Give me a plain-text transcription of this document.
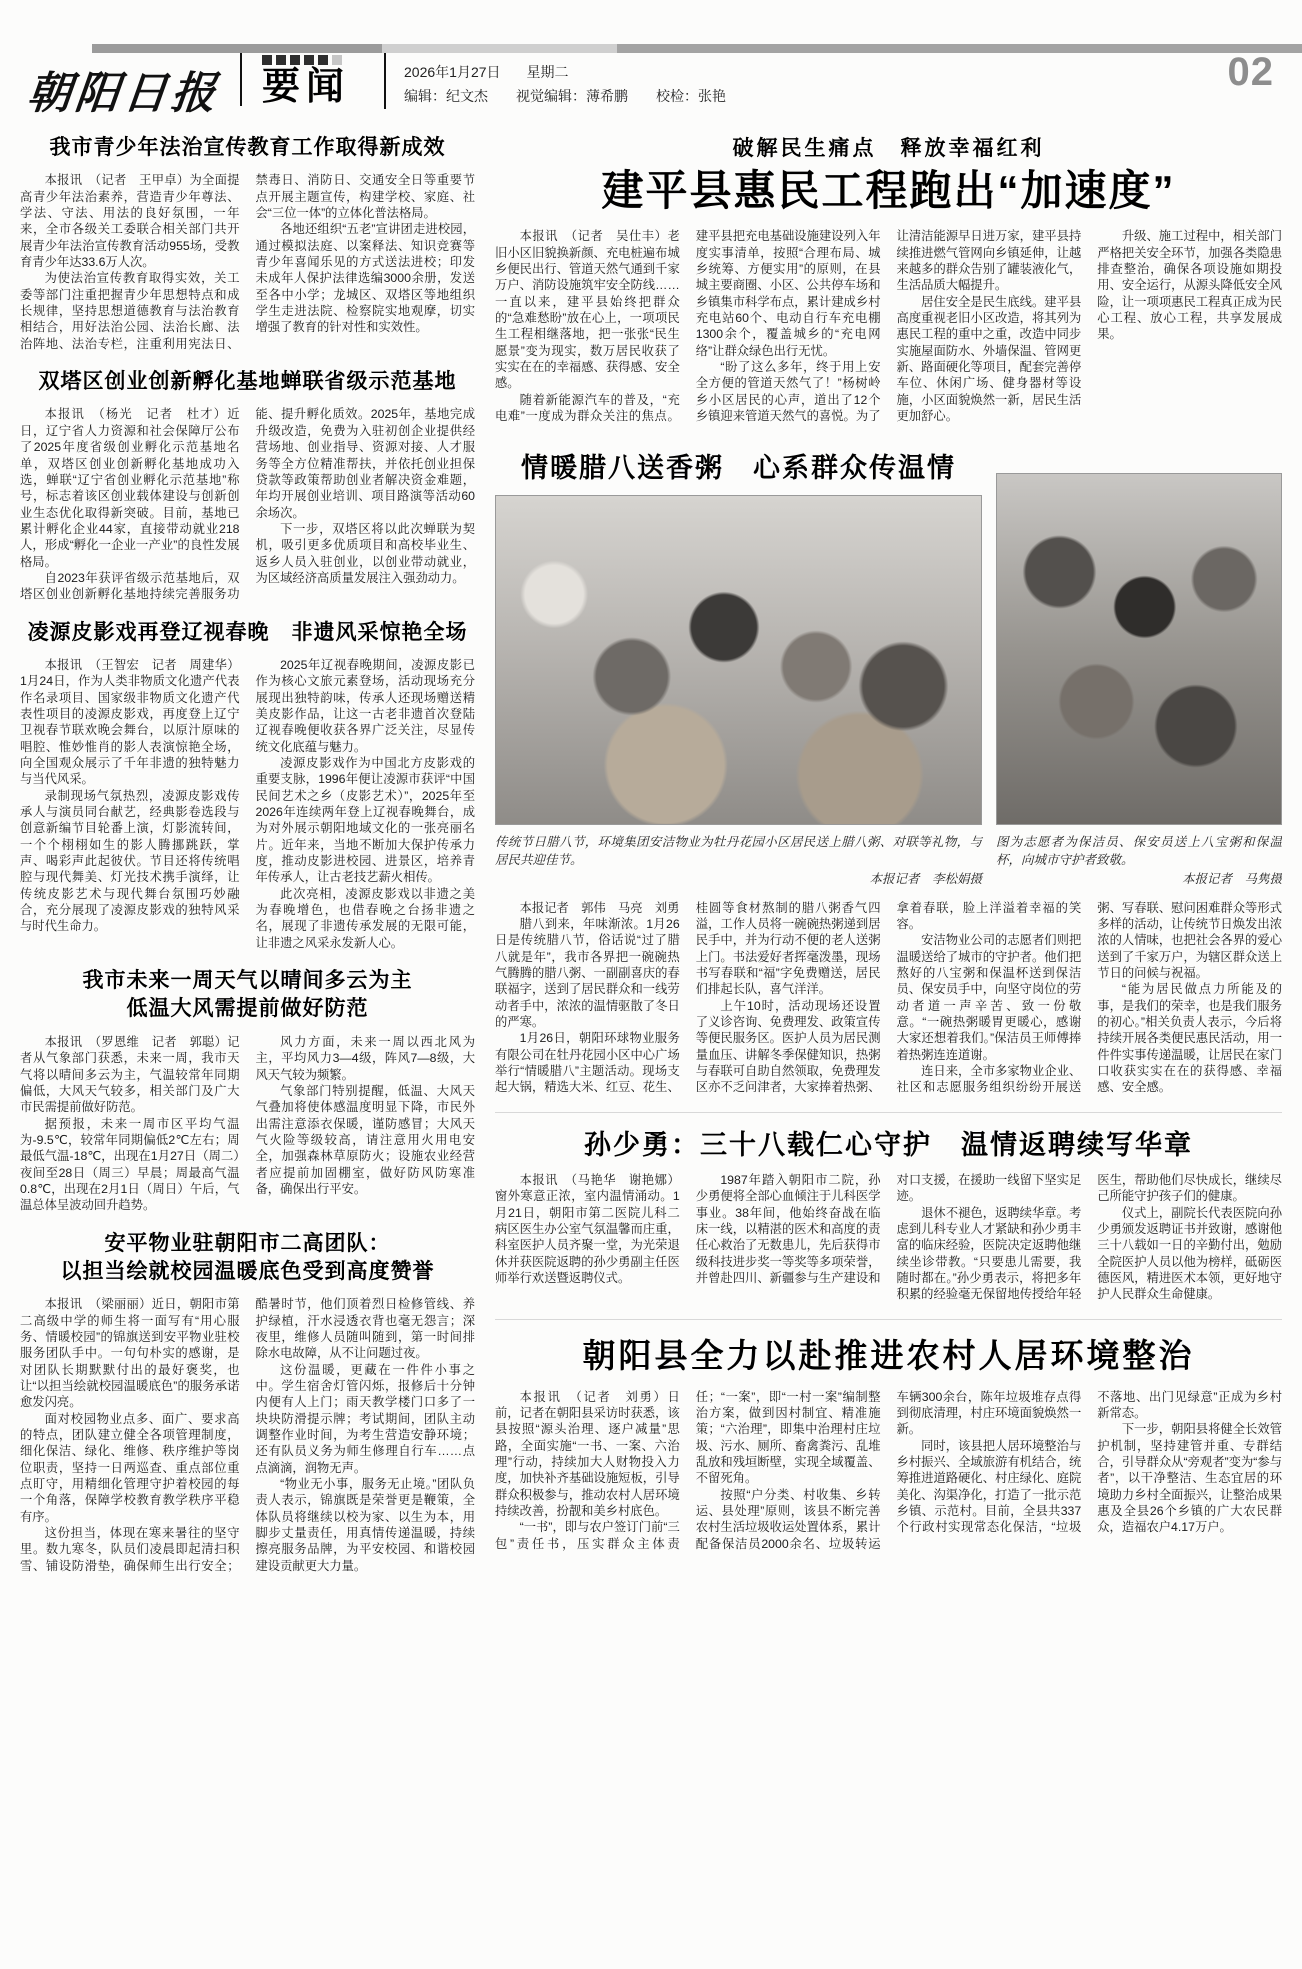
朝阳日报	要闻	2026年1月27日 星期二
编辑：纪文杰　　视觉编辑：薄希鹏　　校检：张艳
02
我市青少年法治宣传教育工作取得新成效

本报讯　（记者　王甲卓）为全面提高青少年法治素养，营造青少年尊法、学法、守法、用法的良好氛围，一年来，全市各级关工委联合相关部门共开展青少年法治宣传教育活动955场，受教育青少年达33.6万人次。

为使法治宣传教育取得实效，关工委等部门注重把握青少年思想特点和成长规律，坚持思想道德教育与法治教育相结合，用好法治公园、法治长廊、法治阵地、法治专栏，注重利用宪法日、禁毒日、消防日、交通安全日等重要节点开展主题宣传，构建学校、家庭、社会“三位一体”的立体化普法格局。

各地还组织“五老”宣讲团走进校园，通过模拟法庭、以案释法、知识竞赛等青少年喜闻乐见的方式送法进校；印发未成年人保护法律选编3000余册，发送至各中小学；龙城区、双塔区等地组织学生走进法院、检察院实地观摩，切实增强了教育的针对性和实效性。

双塔区创业创新孵化基地蝉联省级示范基地

本报讯　（杨光　记者　杜才）近日，辽宁省人力资源和社会保障厅公布了2025年度省级创业孵化示范基地名单，双塔区创业创新孵化基地成功入选，蝉联“辽宁省创业孵化示范基地”称号，标志着该区创业载体建设与创新创业生态优化取得新突破。目前，基地已累计孵化企业44家，直接带动就业218人，形成“孵化一企业一产业”的良性发展格局。

自2023年获评省级示范基地后，双塔区创业创新孵化基地持续完善服务功能、提升孵化质效。2025年，基地完成升级改造，免费为入驻初创企业提供经营场地、创业指导、资源对接、人才服务等全方位精准帮扶，并依托创业担保贷款等政策帮助创业者解决资金难题，年均开展创业培训、项目路演等活动60余场次。

下一步，双塔区将以此次蝉联为契机，吸引更多优质项目和高校毕业生、返乡人员入驻创业，以创业带动就业，为区域经济高质量发展注入强劲动力。

凌源皮影戏再登辽视春晚　非遗风采惊艳全场

本报讯　（王智宏　记者　周建华）1月24日，作为人类非物质文化遗产代表作名录项目、国家级非物质文化遗产代表性项目的凌源皮影戏，再度登上辽宁卫视春节联欢晚会舞台，以原汁原味的唱腔、惟妙惟肖的影人表演惊艳全场，向全国观众展示了千年非遗的独特魅力与当代风采。

录制现场气氛热烈，凌源皮影戏传承人与演员同台献艺，经典影卷选段与创意新编节目轮番上演，灯影流转间，一个个栩栩如生的影人腾挪跳跃，掌声、喝彩声此起彼伏。节目还将传统唱腔与现代舞美、灯光技术携手演绎，让传统皮影艺术与现代舞台氛围巧妙融合，充分展现了凌源皮影戏的独特风采与时代生命力。

2025年辽视春晚期间，凌源皮影已作为核心文旅元素登场，活动现场充分展现出独特韵味，传承人还现场赠送精美皮影作品，让这一古老非遗首次登陆辽视春晚便收获各界广泛关注，尽显传统文化底蕴与魅力。

凌源皮影戏作为中国北方皮影戏的重要支脉，1996年便让凌源市获评“中国民间艺术之乡（皮影艺术）”，2025年至2026年连续两年登上辽视春晚舞台，成为对外展示朝阳地域文化的一张亮丽名片。近年来，当地不断加大保护传承力度，推动皮影进校园、进景区，培养青年传承人，让古老技艺薪火相传。

此次亮相，凌源皮影戏以非遗之美为春晚增色，也借春晚之台扬非遗之名，展现了非遗传承发展的无限可能，让非遗之风采永发新人心。

我市未来一周天气以晴间多云为主
低温大风需提前做好防范

本报讯　（罗恩维　记者　郭聪）记者从气象部门获悉，未来一周，我市天气将以晴间多云为主，气温较常年同期偏低，大风天气较多，相关部门及广大市民需提前做好防范。

据预报，未来一周市区平均气温为-9.5℃，较常年同期偏低2℃左右；周最低气温-18℃，出现在1月27日（周二）夜间至28日（周三）早晨；周最高气温0.8℃，出现在2月1日（周日）午后，气温总体呈波动回升趋势。

风力方面，未来一周以西北风为主，平均风力3—4级，阵风7—8级，大风天气较为频繁。

气象部门特别提醒，低温、大风天气叠加将使体感温度明显下降，市民外出需注意添衣保暖，谨防感冒；大风天气火险等级较高，请注意用火用电安全，加强森林草原防火；设施农业经营者应提前加固棚室，做好防风防寒准备，确保出行平安。

安平物业驻朝阳市二高团队：
以担当绘就校园温暖底色受到高度赞誉

本报讯　（梁丽丽）近日，朝阳市第二高级中学的师生将一面写有“用心服务、情暖校园”的锦旗送到安平物业驻校服务团队手中。一句句朴实的感谢，是对团队长期默默付出的最好褒奖，也让“以担当绘就校园温暖底色”的服务承诺愈发闪亮。

面对校园物业点多、面广、要求高的特点，团队建立健全各项管理制度，细化保洁、绿化、维修、秩序维护等岗位职责，坚持一日两巡查、重点部位重点盯守，用精细化管理守护着校园的每一个角落，保障学校教育教学秩序平稳有序。

这份担当，体现在寒来暑往的坚守里。数九寒冬，队员们凌晨即起清扫积雪、铺设防滑垫，确保师生出行安全；酷暑时节，他们顶着烈日检修管线、养护绿植，汗水浸透衣背也毫无怨言；深夜里，维修人员随叫随到，第一时间排除水电故障，从不让问题过夜。

这份温暖，更藏在一件件小事之中。学生宿舍灯管闪烁，报修后十分钟内便有人上门；雨天教学楼门口多了一块块防滑提示牌；考试期间，团队主动调整作业时间，为考生营造安静环境；还有队员义务为师生修理自行车……点点滴滴，润物无声。

“物业无小事，服务无止境。”团队负责人表示，锦旗既是荣誉更是鞭策，全体队员将继续以校为家、以生为本，用脚步丈量责任，用真情传递温暖，持续擦亮服务品牌，为平安校园、和谐校园建设贡献更大力量。

破解民生痛点　释放幸福红利
建平县惠民工程跑出“加速度”

本报讯　（记者　吴仕丰）老旧小区旧貌换新颜、充电桩遍布城乡便民出行、管道天然气通到千家万户、消防设施筑牢安全防线……一直以来，建平县始终把群众的“急难愁盼”放在心上，一项项民生工程相继落地，把一张张“民生愿景”变为现实，数万居民收获了实实在在的幸福感、获得感、安全感。

随着新能源汽车的普及，“充电难”一度成为群众关注的焦点。建平县把充电基础设施建设列入年度实事清单，按照“合理布局、城乡统筹、方便实用”的原则，在县城主要商圈、小区、公共停车场和乡镇集市科学布点，累计建成乡村充电站60个、电动自行车充电棚1300余个，覆盖城乡的“充电网络”让群众绿色出行无忧。

“盼了这么多年，终于用上安全方便的管道天然气了！”杨树岭乡小区居民的心声，道出了12个乡镇迎来管道天然气的喜悦。为了让清洁能源早日进万家，建平县持续推进燃气管网向乡镇延伸，让越来越多的群众告别了罐装液化气，生活品质大幅提升。

居住安全是民生底线。建平县高度重视老旧小区改造，将其列为惠民工程的重中之重，改造中同步实施屋面防水、外墙保温、管网更新、路面硬化等项目，配套完善停车位、休闲广场、健身器材等设施，小区面貌焕然一新，居民生活更加舒心。

升级、施工过程中，相关部门严格把关安全环节，加强各类隐患排查整治，确保各项设施如期投用、安全运行，从源头降低安全风险，让一项项惠民工程真正成为民心工程、放心工程，共享发展成果。

情暖腊八送香粥　心系群众传温情
传统节日腊八节，环境集团安洁物业为牡丹花园小区居民送上腊八粥、对联等礼物，与居民共迎佳节。
本报记者　李松娟摄
图为志愿者为保洁员、保安员送上八宝粥和保温杯，向城市守护者致敬。
本报记者　马隽摄

本报记者　郭伟　马亮　刘勇

腊八到来，年味渐浓。1月26日是传统腊八节，俗话说“过了腊八就是年”，我市各界把一碗碗热气腾腾的腊八粥、一副副喜庆的春联福字，送到了居民群众和一线劳动者手中，浓浓的温情驱散了冬日的严寒。

1月26日，朝阳环球物业服务有限公司在牡丹花园小区中心广场举行“情暖腊八”主题活动。现场支起大锅，精选大米、红豆、花生、桂圆等食材熬制的腊八粥香气四溢，工作人员将一碗碗热粥递到居民手中，并为行动不便的老人送粥上门。书法爱好者挥毫泼墨，现场书写春联和“福”字免费赠送，居民们排起长队，喜气洋洋。

上午10时，活动现场还设置了义诊咨询、免费理发、政策宣传等便民服务区。医护人员为居民测量血压、讲解冬季保健知识，热粥与春联可自助自然领取，免费理发区亦不乏问津者，大家捧着热粥、拿着春联，脸上洋溢着幸福的笑容。

安洁物业公司的志愿者们则把温暖送给了城市的守护者。他们把熬好的八宝粥和保温杯送到保洁员、保安员手中，向坚守岗位的劳动者道一声辛苦、致一份敬意。“一碗热粥暖胃更暖心，感谢大家还想着我们。”保洁员王师傅捧着热粥连连道谢。

连日来，全市多家物业企业、社区和志愿服务组织纷纷开展送粥、写春联、慰问困难群众等形式多样的活动，让传统节日焕发出浓浓的人情味，也把社会各界的爱心送到了千家万户，为辖区群众送上节日的问候与祝福。

“能为居民做点力所能及的事，是我们的荣幸，也是我们服务的初心。”相关负责人表示，今后将持续开展各类便民惠民活动，用一件件实事传递温暖，让居民在家门口收获实实在在的获得感、幸福感、安全感。

孙少勇：三十八载仁心守护　温情返聘续写华章

本报讯　（马艳华　谢艳娜）窗外寒意正浓，室内温情涌动。1月21日，朝阳市第二医院儿科二病区医生办公室气氛温馨而庄重，科室医护人员齐聚一堂，为光荣退休并获医院返聘的孙少勇副主任医师举行欢送暨返聘仪式。

1987年踏入朝阳市二院，孙少勇便将全部心血倾注于儿科医学事业。38年间，他始终奋战在临床一线，以精湛的医术和高度的责任心救治了无数患儿，先后获得市级科技进步奖一等奖等多项荣誉，并曾赴四川、新疆参与生产建设和对口支援，在援助一线留下坚实足迹。

退休不褪色，返聘续华章。考虑到儿科专业人才紧缺和孙少勇丰富的临床经验，医院决定返聘他继续坐诊带教。“只要患儿需要，我随时都在。”孙少勇表示，将把多年积累的经验毫无保留地传授给年轻医生，帮助他们尽快成长，继续尽己所能守护孩子们的健康。

仪式上，副院长代表医院向孙少勇颁发返聘证书并致谢，感谢他三十八载如一日的辛勤付出，勉励全院医护人员以他为榜样，砥砺医德医风，精进医术本领，更好地守护人民群众生命健康。

朝阳县全力以赴推进农村人居环境整治

本报讯　（记者　刘勇）日前，记者在朝阳县采访时获悉，该县按照“源头治理、逐户减量”思路，全面实施“一书、一案、六治理”行动，持续加大人财物投入力度，加快补齐基础设施短板，引导群众积极参与，推动农村人居环境持续改善，扮靓和美乡村底色。

“一书”，即与农户签订门前“三包”责任书，压实群众主体责任；“一案”，即“一村一案”编制整治方案，做到因村制宜、精准施策；“六治理”，即集中治理村庄垃圾、污水、厕所、畜禽粪污、乱堆乱放和残垣断壁，实现全域覆盖、不留死角。

按照“户分类、村收集、乡转运、县处理”原则，该县不断完善农村生活垃圾收运处置体系，累计配备保洁员2000余名、垃圾转运车辆300余台，陈年垃圾堆存点得到彻底清理，村庄环境面貌焕然一新。

同时，该县把人居环境整治与乡村振兴、全域旅游有机结合，统筹推进道路硬化、村庄绿化、庭院美化、沟渠净化，打造了一批示范乡镇、示范村。目前，全县共337个行政村实现常态化保洁，“垃圾不落地、出门见绿意”正成为乡村新常态。

下一步，朝阳县将健全长效管护机制，坚持建管并重、专群结合，引导群众从“旁观者”变为“参与者”，以干净整洁、生态宜居的环境助力乡村全面振兴，让整治成果惠及全县26个乡镇的广大农民群众，造福农户4.17万户。
